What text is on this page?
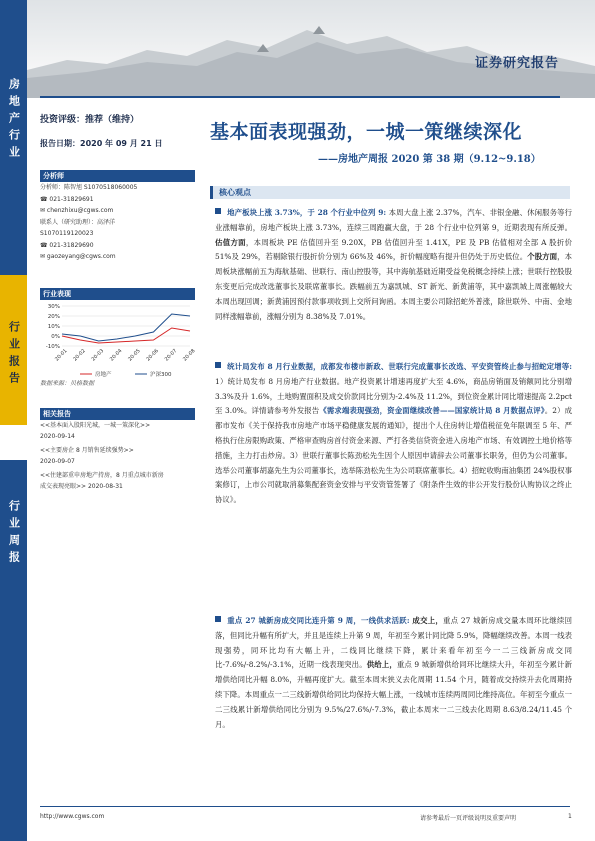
房地产行业
行业报告
行业周报
证券研究报告
投资评级：推荐（维持）
报告日期：2020 年 09 月 21 日
分析师
分析师：陈智旭 S1070518060005
☎ 021-31829691
✉ chenzhixu@cgws.com
联系人（研究助理）：高泽洋
S1070119120023
☎ 021-31829690
✉ gaozeyang@cgws.com
行业表现
30%
20%
10%
0%
-10%
20-01 20-02 20-03 20-04 20-05 20-06 20-07 20-08
房地产	沪深300
数据来源：贝格数据
相关报告
<<基本面入股阳光城，一城一策深化>>
2020-09-14
<<主要房企 8 月销售延续强势>>
2020-09-07
<<住建部重申房地产持房，8 月重点城市新房
成交表现亮眼>> 2020-08-31
基本面表现强劲，一城一策继续深化
——房地产周报 2020 第 38 期（9.12~9.18）
核心观点
地产板块上涨 3.73%，于 28 个行业中位列 9: 本周大盘上涨 2.37%，汽车、非银金融、休闲服务等行业涨幅靠前，房地产板块上涨 3.73%，连续三周跑赢大盘，于 28 个行业中位列第 9，近期表现有所反弹。估值方面，本周板块 PE 估值回升至 9.20X，PB 估值回升至 1.41X，PE 及 PB 估值相对全部 A 股折价 51%及 29%，若剔除银行股折价分别为 66%及 46%，折价幅度略有提升但仍处于历史低位。个股方面，本周板块涨幅前五为海航基础、世联行、南山控股等，其中海航基础近期受益免税概念持续上涨；世联行控股股东变更后完成改选董事长及联席董事长。跌幅前五为嘉凯城、ST 新光、新黄浦等，其中嘉凯城上周涨幅较大本周出现回调；新黄浦因预付款事项收到上交所问询函。本周主要公司除招蛇外普涨，除世联外、中南、金地同样涨幅靠前，涨幅分别为 8.38%及 7.01%。
统计局发布 8 月行业数据，成都发布楼市新政、世联行完成董事长改选、平安资管终止参与招蛇定增等: 1）统计局发布 8 月房地产行业数据。地产投资累计增速再度扩大至 4.6%，商品房销面及销额同比分别增 3.3%及升 1.6%，土地购置面积及成交价款同比分别为-2.4%及 11.2%，到位资金累计同比增速提高 2.2pct 至 3.0%。详情请参考外发报告《需求端表现强劲，资金面继续改善——国家统计局 8 月数据点评》。2）成都市发布《关于保持我市房地产市场平稳健康发展的通知》，提出个人住房转让增值税征免年限调至 5 年、严格执行住房限购政策、严格审查购房首付资金来源、严打各类信贷资金进入房地产市场、有效调控土地价格等措施，主力打击炒房。3）世联行董事长陈劲松先生因个人原因申请辞去公司董事长职务，但仍为公司董事。选举公司董事胡嘉先生为公司董事长，选举陈劲松先生为公司联席董事长。4）招蛇收购南油集团 24%股权事案修订，上市公司就取消募集配套资金安排与平安资管签署了《附条件生效的非公开发行股份认购协议之终止协议》。
重点 27 城新房成交同比连升第 9 周，一线供求活跃: 成交上，重点 27 城新房成交量本周环比继续回落，但同比升幅有所扩大，并且是连续上升第 9 周，年初至今累计同比降 5.9%，降幅继续改善。本周一线表现强势，同环比均有大幅上升，二线同比继续下降，累计来看年初至今一二三线新房成交同比-7.6%/-8.2%/-3.1%，近期一线表现突出。供给上，重点 9 城新增供给同环比继续大升，年初至今累计新增供给同比升幅 8.0%，升幅再度扩大。截至本周末狭义去化周期 11.54 个月，随着成交持续升去化周期持续下降。本周重点一二三线新增供给同比均保持大幅上涨，一线城市连续两周同比维持高位。年初至今重点一二三线累计新增供给同比分别为 9.5%/27.6%/-7.3%，截止本周末一二三线去化周期 8.63/8.24/11.45 个月。
http://www.cgws.com	请参考最后一页评级说明及重要声明	1
